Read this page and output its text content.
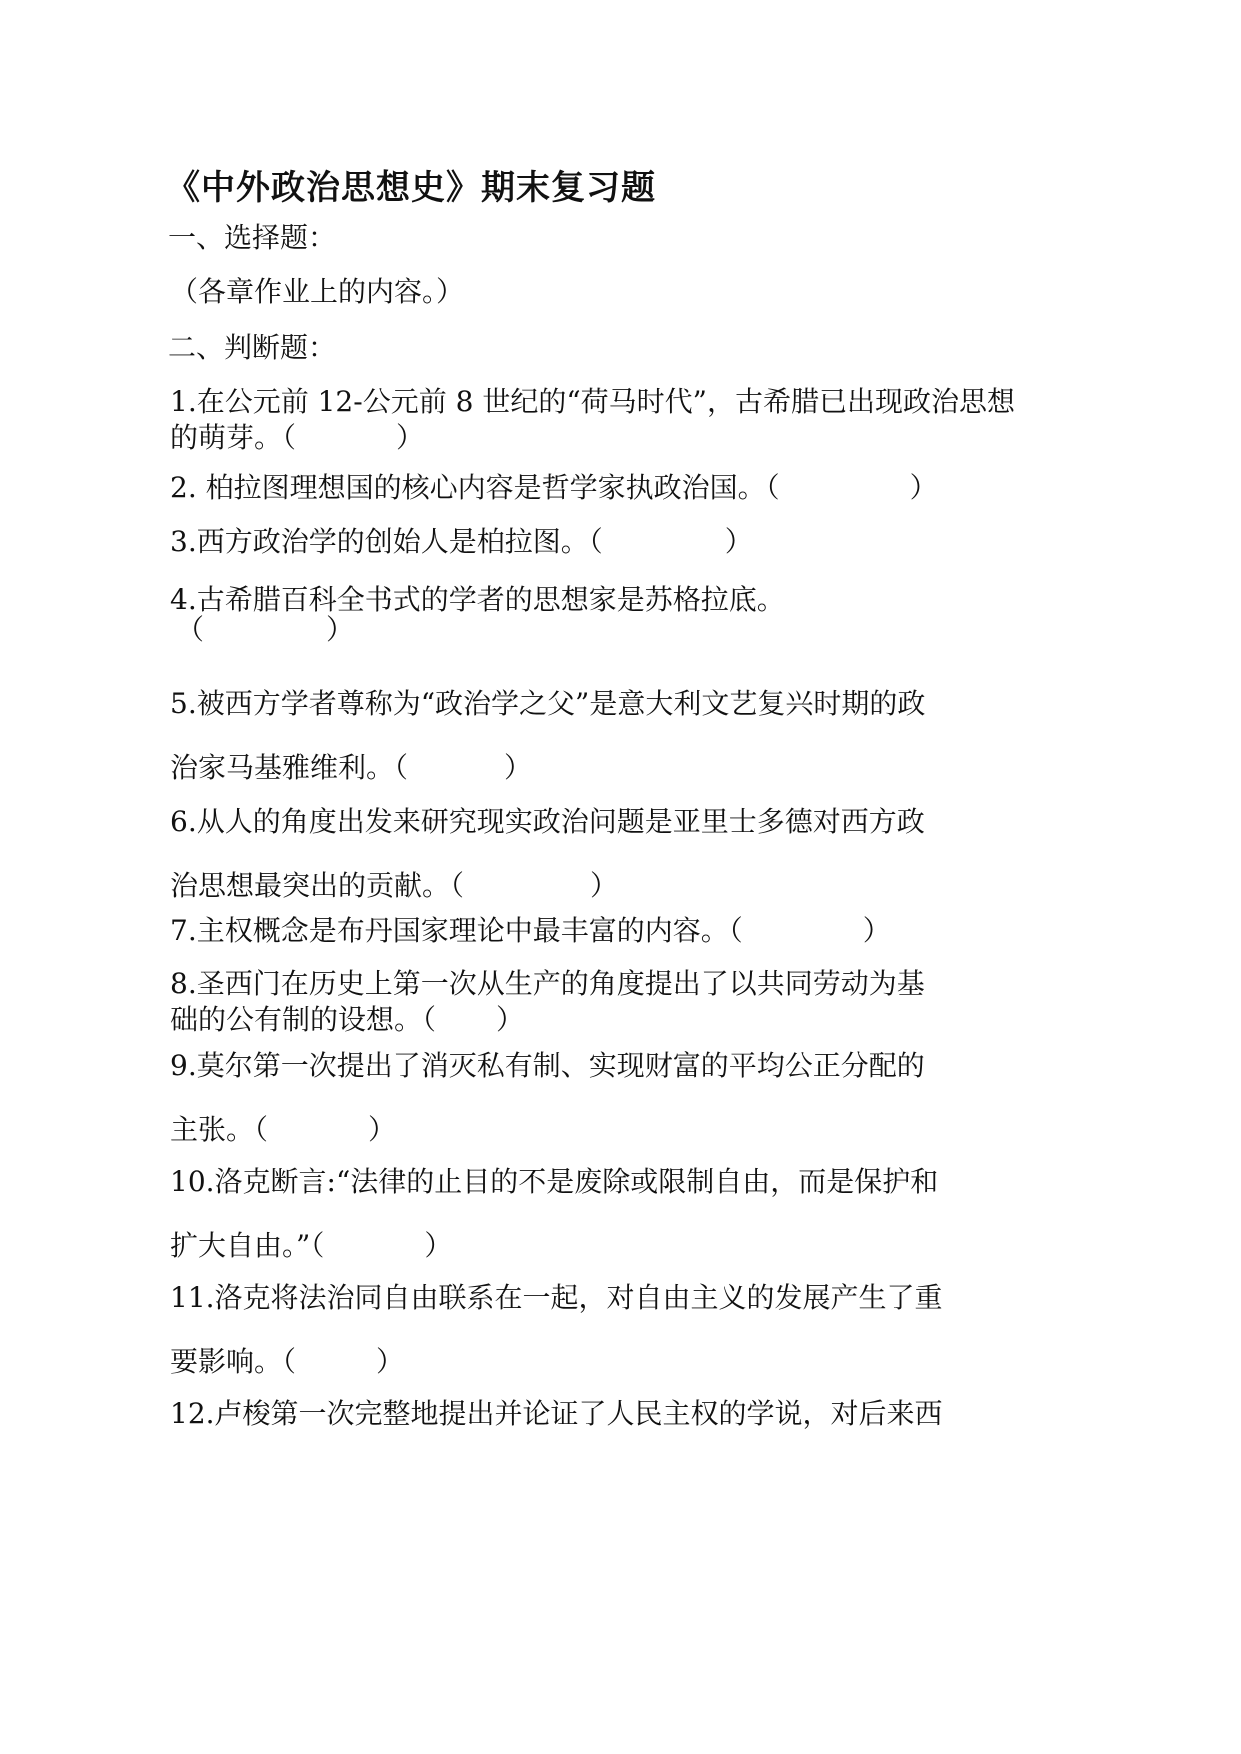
《中外政治思想史》期末复习题
一、选择题：
（各章作业上的内容。）
二、判断题：
1.在公元前 12-公元前 8 世纪的“荷马时代”，古希腊已出现政治思想的萌芽。（	）
2. 柏拉图理想国的核心内容是哲学家执政治国。（	）
3.西方政治学的创始人是柏拉图。（	）
4.古希腊百科全书式的学者的思想家是苏格拉底。
（	）
5.被西方学者尊称为“政治学之父”是意大利文艺复兴时期的政治家马基雅维利。（	）
6.从人的角度出发来研究现实政治问题是亚里士多德对西方政治思想最突出的贡献。（	）
7.主权概念是布丹国家理论中最丰富的内容。（	）
8.圣西门在历史上第一次从生产的角度提出了以共同劳动为基础的公有制的设想。（ ）
9.莫尔第一次提出了消灭私有制、实现财富的平均公正分配的主张。（	）
10.洛克断言:“法律的止目的不是废除或限制自由，而是保护和扩大自由。”（	）
11.洛克将法治同自由联系在一起，对自由主义的发展产生了重要影响。（	）
12.卢梭第一次完整地提出并论证了人民主权的学说，对后来西
